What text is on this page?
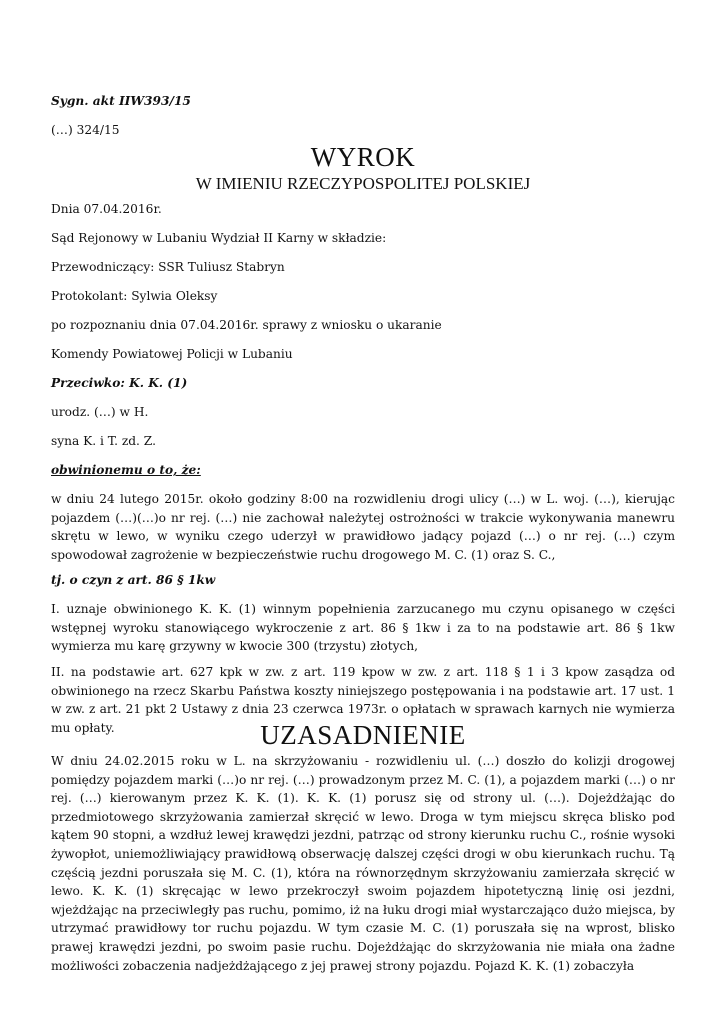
Sygn. akt IIW393/15
(…) 324/15
WYROK
W IMIENIU RZECZYPOSPOLITEJ POLSKIEJ
Dnia 07.04.2016r.
Sąd Rejonowy w Lubaniu Wydział II Karny w składzie:
Przewodniczący: SSR Tuliusz Stabryn
Protokolant: Sylwia Oleksy
po rozpoznaniu dnia 07.04.2016r. sprawy z wniosku o ukaranie
Komendy Powiatowej Policji w Lubaniu
Przeciwko: K. K. (1)
urodz. (…) w H.
syna K. i T. zd. Z.
obwinionemu o to, że:
w dniu 24 lutego 2015r. około godziny 8:00 na rozwidleniu drogi ulicy (…) w L. woj. (…), kierując pojazdem (…)(…)o nr rej. (…) nie zachował należytej ostrożności w trakcie wykonywania manewru skrętu w lewo, w wyniku czego uderzył w prawidłowo jadący pojazd (…) o nr rej. (…) czym spowodował zagrożenie w bezpieczeństwie ruchu drogowego M. C. (1) oraz S. C.,
tj. o czyn z art. 86 § 1kw
I. uznaje obwinionego K. K. (1) winnym popełnienia zarzucanego mu czynu opisanego w części wstępnej wyroku stanowiącego wykroczenie z art. 86 § 1kw i za to na podstawie art. 86 § 1kw wymierza mu karę grzywny w kwocie 300 (trzystu) złotych,
II. na podstawie art. 627 kpk w zw. z art. 119 kpow w zw. z art. 118 § 1 i 3 kpow zasądza od obwinionego na rzecz Skarbu Państwa koszty niniejszego postępowania i na podstawie art. 17 ust. 1 w zw. z art. 21 pkt 2 Ustawy z dnia 23 czerwca 1973r. o opłatach w sprawach karnych nie wymierza mu opłaty.	UZASADNIENIE
W dniu 24.02.2015 roku w L. na skrzyżowaniu - rozwidleniu ul. (…) doszło do kolizji drogowej pomiędzy pojazdem marki (…)o nr rej. (…) prowadzonym przez M. C. (1), a pojazdem marki (…) o nr rej. (…) kierowanym przez K. K. (1). K. K. (1) porusz się od strony ul. (…). Dojeżdżając do przedmiotowego skrzyżowania zamierzał skręcić w lewo. Droga w tym miejscu skręca blisko pod kątem 90 stopni, a wzdłuż lewej krawędzi jezdni, patrząc od strony kierunku ruchu C., rośnie wysoki żywopłot, uniemożliwiający prawidłową obserwację dalszej części drogi w obu kierunkach ruchu. Tą częścią jezdni poruszała się M. C. (1), która na równorzędnym skrzyżowaniu zamierzała skręcić w lewo. K. K. (1) skręcając w lewo przekroczył swoim pojazdem hipotetyczną linię osi jezdni, wjeżdżając na przeciwległy pas ruchu, pomimo, iż na łuku drogi miał wystarczająco dużo miejsca, by utrzymać prawidłowy tor ruchu pojazdu. W tym czasie M. C. (1) poruszała się na wprost, blisko prawej krawędzi jezdni, po swoim pasie ruchu. Dojeżdżając do skrzyżowania nie miała ona żadne możliwości zobaczenia nadjeżdżającego z jej prawej strony pojazdu. Pojazd K. K. (1) zobaczyła
